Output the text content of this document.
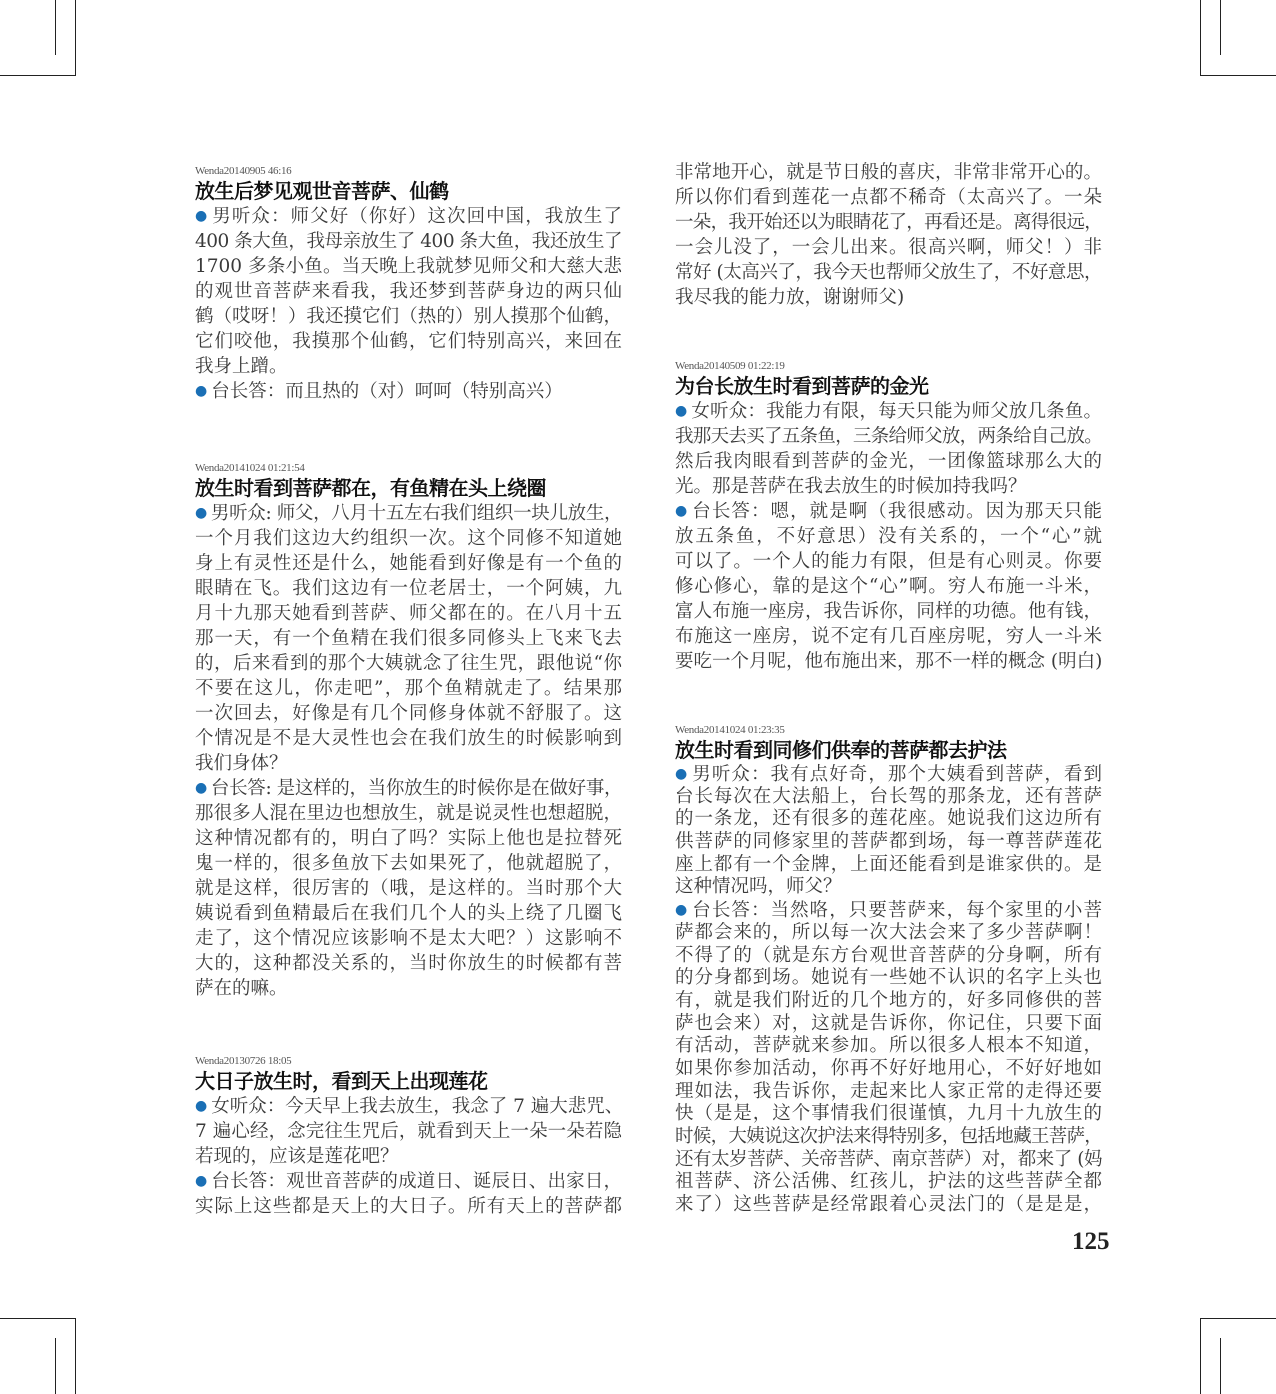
Wenda20140905 46:16
放生后梦见观世音菩萨、仙鹤
● 男听众：师父好（你好）这次回中国，我放生了
400 条大鱼，我母亲放生了 400 条大鱼，我还放生了
1700 多条小鱼。当天晚上我就梦见师父和大慈大悲
的观世音菩萨来看我，我还梦到菩萨身边的两只仙
鹤（哎呀！）我还摸它们（热的）别人摸那个仙鹤，
它们咬他，我摸那个仙鹤，它们特别高兴，来回在
我身上蹭。
● 台长答：而且热的（对）呵呵（特别高兴）
Wenda20141024 01:21:54
放生时看到菩萨都在，有鱼精在头上绕圈
● 男听众: 师父，八月十五左右我们组织一块儿放生，
一个月我们这边大约组织一次。这个同修不知道她
身上有灵性还是什么，她能看到好像是有一个鱼的
眼睛在飞。我们这边有一位老居士，一个阿姨，九
月十九那天她看到菩萨、师父都在的。在八月十五
那一天，有一个鱼精在我们很多同修头上飞来飞去
的，后来看到的那个大姨就念了往生咒，跟他说“你
不要在这儿，你走吧”，那个鱼精就走了。结果那
一次回去，好像是有几个同修身体就不舒服了。这
个情况是不是大灵性也会在我们放生的时候影响到
我们身体？
● 台长答: 是这样的，当你放生的时候你是在做好事，
那很多人混在里边也想放生，就是说灵性也想超脱，
这种情况都有的，明白了吗？实际上他也是拉替死
鬼一样的，很多鱼放下去如果死了，他就超脱了，
就是这样，很厉害的（哦，是这样的。当时那个大
姨说看到鱼精最后在我们几个人的头上绕了几圈飞
走了，这个情况应该影响不是太大吧？）这影响不
大的，这种都没关系的，当时你放生的时候都有菩
萨在的嘛。
Wenda20130726 18:05
大日子放生时，看到天上出现莲花
● 女听众：今天早上我去放生，我念了 7 遍大悲咒、
7 遍心经，念完往生咒后，就看到天上一朵一朵若隐
若现的，应该是莲花吧？
● 台长答：观世音菩萨的成道日、诞辰日、出家日，
实际上这些都是天上的大日子。所有天上的菩萨都
非常地开心，就是节日般的喜庆，非常非常开心的。
所以你们看到莲花一点都不稀奇（太高兴了。一朵
一朵，我开始还以为眼睛花了，再看还是。离得很远，
一会儿没了，一会儿出来。很高兴啊，师父！）非
常好 (太高兴了，我今天也帮师父放生了，不好意思，
我尽我的能力放，谢谢师父)
Wenda20140509 01:22:19
为台长放生时看到菩萨的金光
● 女听众：我能力有限，每天只能为师父放几条鱼。
我那天去买了五条鱼，三条给师父放，两条给自己放。
然后我肉眼看到菩萨的金光，一团像篮球那么大的
光。那是菩萨在我去放生的时候加持我吗？
● 台长答：嗯，就是啊（我很感动。因为那天只能
放五条鱼，不好意思）没有关系的，一个“心”就
可以了。一个人的能力有限，但是有心则灵。你要
修心修心，靠的是这个“心”啊。穷人布施一斗米，
富人布施一座房，我告诉你，同样的功德。他有钱，
布施这一座房，说不定有几百座房呢，穷人一斗米
要吃一个月呢，他布施出来，那不一样的概念 (明白)
Wenda20141024 01:23:35
放生时看到同修们供奉的菩萨都去护法
● 男听众：我有点好奇，那个大姨看到菩萨，看到
台长每次在大法船上，台长驾的那条龙，还有菩萨
的一条龙，还有很多的莲花座。她说我们这边所有
供菩萨的同修家里的菩萨都到场，每一尊菩萨莲花
座上都有一个金牌，上面还能看到是谁家供的。是
这种情况吗，师父？
● 台长答：当然咯，只要菩萨来，每个家里的小菩
萨都会来的，所以每一次大法会来了多少菩萨啊！
不得了的（就是东方台观世音菩萨的分身啊，所有
的分身都到场。她说有一些她不认识的名字上头也
有，就是我们附近的几个地方的，好多同修供的菩
萨也会来）对，这就是告诉你，你记住，只要下面
有活动，菩萨就来参加。所以很多人根本不知道，
如果你参加活动，你再不好好地用心，不好好地如
理如法，我告诉你，走起来比人家正常的走得还要
快（是是，这个事情我们很谨慎，九月十九放生的
时候，大姨说这次护法来得特别多，包括地藏王菩萨，
还有太岁菩萨、关帝菩萨、南京菩萨）对，都来了 (妈
祖菩萨、济公活佛、红孩儿，护法的这些菩萨全都
来了）这些菩萨是经常跟着心灵法门的（是是是，
125
